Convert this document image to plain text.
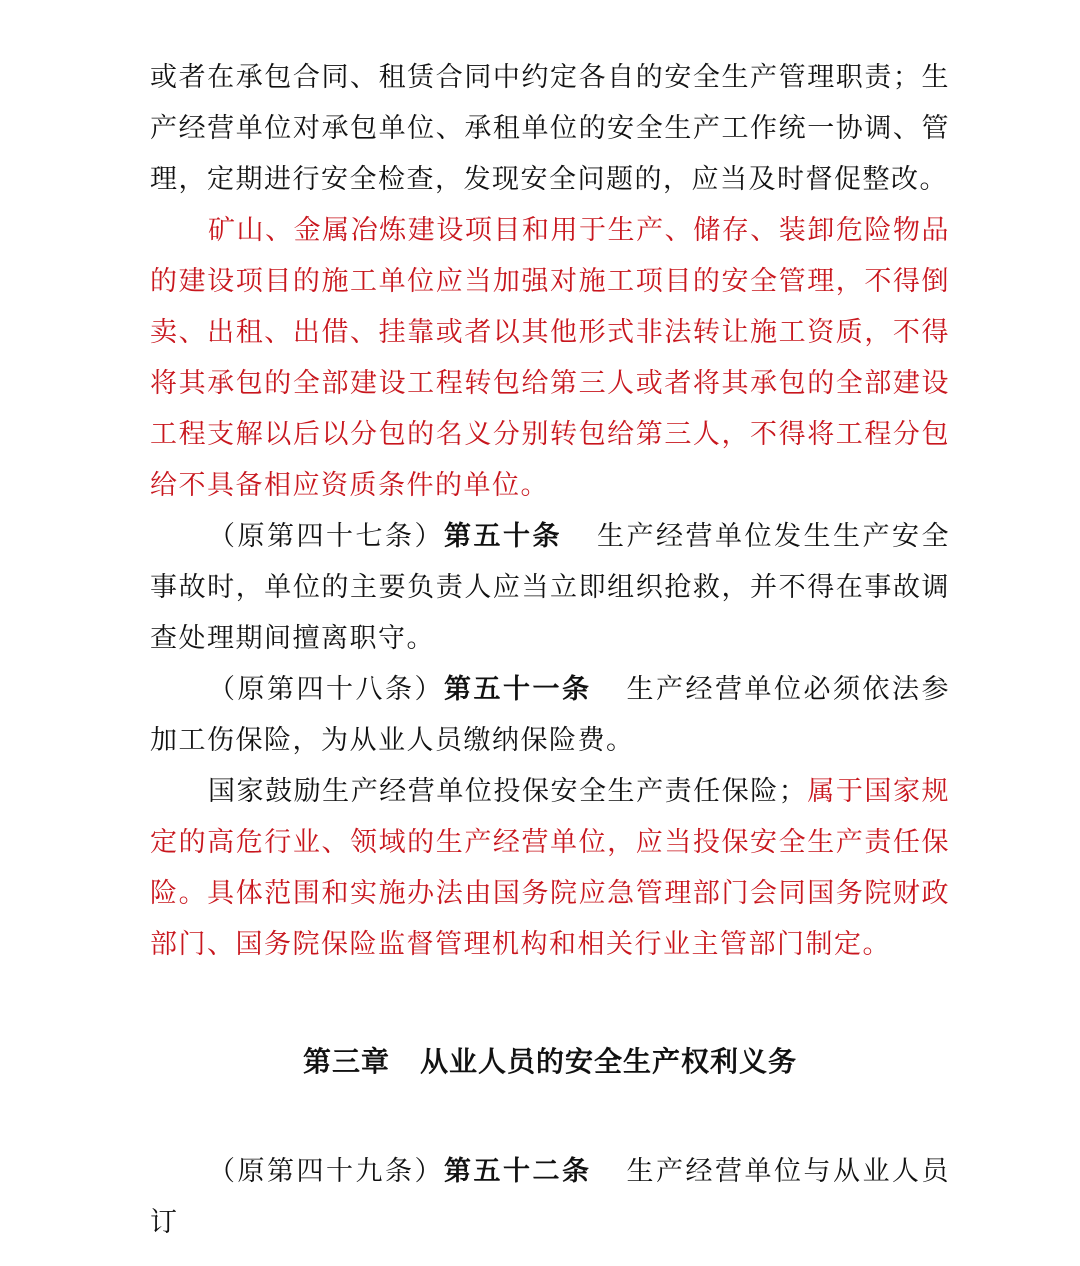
或者在承包合同、租赁合同中约定各自的安全生产管理职责；生产经营单位对承包单位、承租单位的安全生产工作统一协调、管理，定期进行安全检查，发现安全问题的，应当及时督促整改。

矿山、金属冶炼建设项目和用于生产、储存、装卸危险物品的建设项目的施工单位应当加强对施工项目的安全管理，不得倒卖、出租、出借、挂靠或者以其他形式非法转让施工资质，不得将其承包的全部建设工程转包给第三人或者将其承包的全部建设工程支解以后以分包的名义分别转包给第三人，不得将工程分包给不具备相应资质条件的单位。

（原第四十七条）第五十条 生产经营单位发生生产安全事故时，单位的主要负责人应当立即组织抢救，并不得在事故调查处理期间擅离职守。

（原第四十八条）第五十一条 生产经营单位必须依法参加工伤保险，为从业人员缴纳保险费。

国家鼓励生产经营单位投保安全生产责任保险；属于国家规定的高危行业、领域的生产经营单位，应当投保安全生产责任保险。具体范围和实施办法由国务院应急管理部门会同国务院财政部门、国务院保险监督管理机构和相关行业主管部门制定。

第三章 从业人员的安全生产权利义务

（原第四十九条）第五十二条 生产经营单位与从业人员订
